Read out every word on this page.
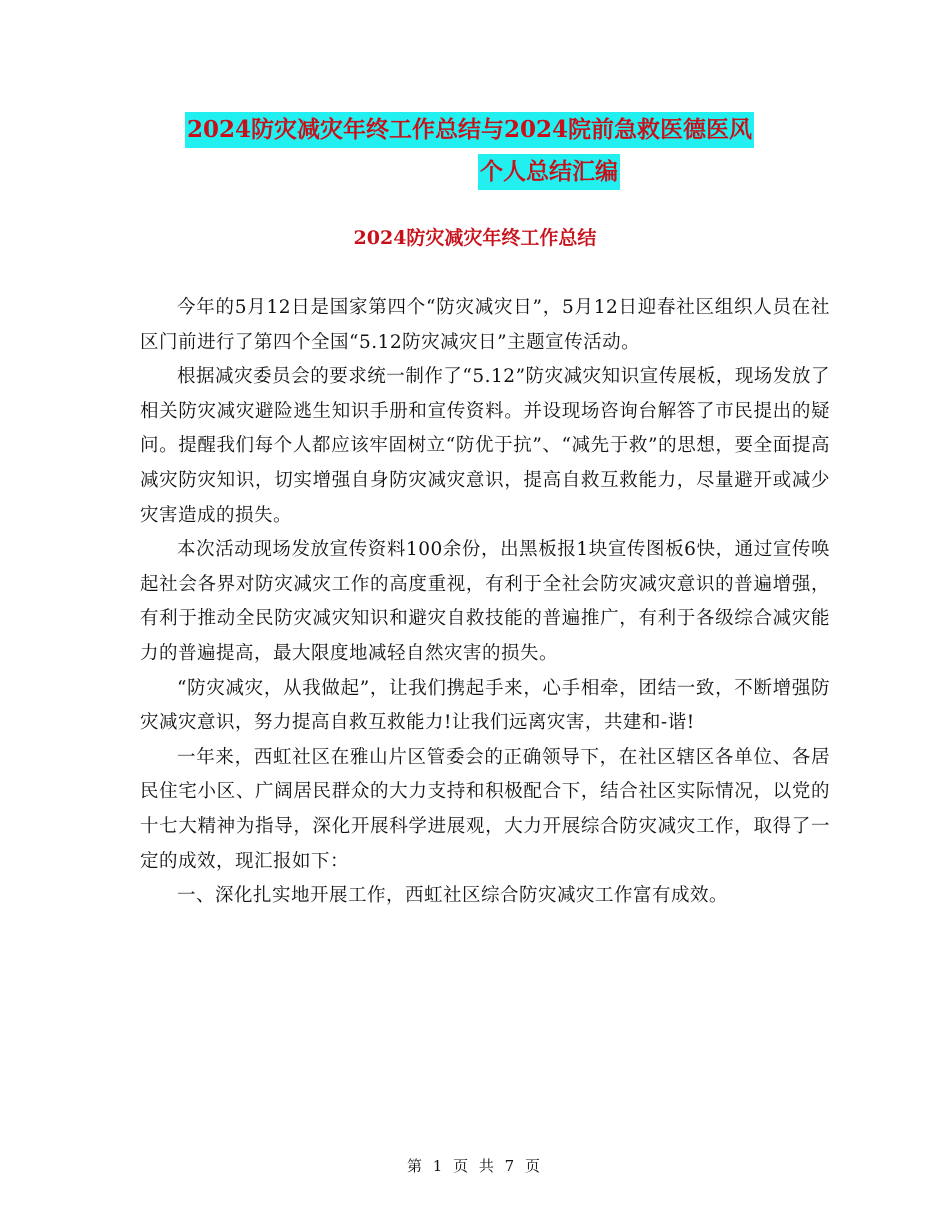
2024防灾减灾年终工作总结与2024院前急救医德医风
个人总结汇编
2024防灾减灾年终工作总结

今年的5月12日是国家第四个“防灾减灾日”，5月12日迎春社区组织人员在社区门前进行了第四个全国“5.12防灾减灾日”主题宣传活动。

根据减灾委员会的要求统一制作了“5.12”防灾减灾知识宣传展板，现场发放了相关防灾减灾避险逃生知识手册和宣传资料。并设现场咨询台解答了市民提出的疑问。提醒我们每个人都应该牢固树立“防优于抗”、“减先于救”的思想，要全面提高减灾防灾知识，切实增强自身防灾减灾意识，提高自救互救能力，尽量避开或减少灾害造成的损失。

本次活动现场发放宣传资料100余份，出黑板报1块宣传图板6快，通过宣传唤起社会各界对防灾减灾工作的高度重视，有利于全社会防灾减灾意识的普遍增强，有利于推动全民防灾减灾知识和避灾自救技能的普遍推广，有利于各级综合减灾能力的普遍提高，最大限度地减轻自然灾害的损失。

“防灾减灾，从我做起”，让我们携起手来，心手相牵，团结一致，不断增强防灾减灾意识，努力提高自救互救能力!让我们远离灾害，共建和-谐!

一年来，西虹社区在雅山片区管委会的正确领导下，在社区辖区各单位、各居民住宅小区、广阔居民群众的大力支持和积极配合下，结合社区实际情况，以党的十七大精神为指导，深化开展科学进展观，大力开展综合防灾减灾工作，取得了一定的成效，现汇报如下：

一、深化扎实地开展工作，西虹社区综合防灾减灾工作富有成效。

第 1 页 共 7 页
